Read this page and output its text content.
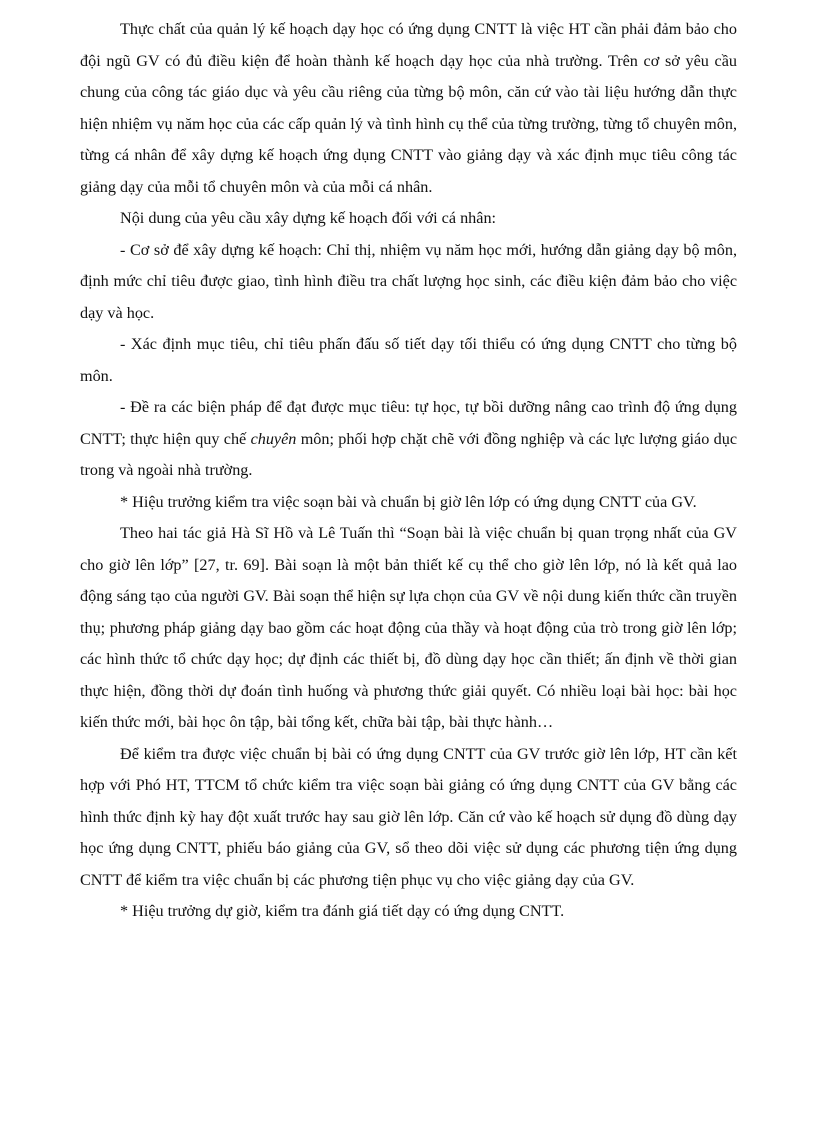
Thực chất của quản lý kế hoạch dạy học có ứng dụng CNTT là việc HT cần phải đảm bảo cho đội ngũ GV có đủ điều kiện để hoàn thành kế hoạch dạy học của nhà trường. Trên cơ sở yêu cầu chung của công tác giáo dục và yêu cầu riêng của từng bộ môn, căn cứ vào tài liệu hướng dẫn thực hiện nhiệm vụ năm học của các cấp quản lý và tình hình cụ thể của từng trường, từng tổ chuyên môn, từng cá nhân để xây dựng kế hoạch ứng dụng CNTT vào giảng dạy và xác định mục tiêu công tác giảng dạy của mỗi tổ chuyên môn và của mỗi cá nhân.

Nội dung của yêu cầu xây dựng kế hoạch đối với cá nhân:

- Cơ sở để xây dựng kế hoạch: Chỉ thị, nhiệm vụ năm học mới, hướng dẫn giảng dạy bộ môn, định mức chỉ tiêu được giao, tình hình điều tra chất lượng học sinh, các điều kiện đảm bảo cho việc dạy và học.

- Xác định mục tiêu, chỉ tiêu phấn đấu số tiết dạy tối thiểu có ứng dụng CNTT cho từng bộ môn.

- Đề ra các biện pháp để đạt được mục tiêu: tự học, tự bồi dưỡng nâng cao trình độ ứng dụng CNTT; thực hiện quy chế chuyên môn; phối hợp chặt chẽ với đồng nghiệp và các lực lượng giáo dục trong và ngoài nhà trường.

* Hiệu trưởng kiểm tra việc soạn bài và chuẩn bị giờ lên lớp có ứng dụng CNTT của GV.

Theo hai tác giả Hà Sĩ Hồ và Lê Tuấn thì “Soạn bài là việc chuẩn bị quan trọng nhất của GV cho giờ lên lớp” [27, tr. 69]. Bài soạn là một bản thiết kế cụ thể cho giờ lên lớp, nó là kết quả lao động sáng tạo của người GV. Bài soạn thể hiện sự lựa chọn của GV về nội dung kiến thức cần truyền thụ; phương pháp giảng dạy bao gồm các hoạt động của thầy và hoạt động của trò trong giờ lên lớp; các hình thức tổ chức dạy học; dự định các thiết bị, đồ dùng dạy học cần thiết; ấn định về thời gian thực hiện, đồng thời dự đoán tình huống và phương thức giải quyết. Có nhiều loại bài học: bài học kiến thức mới, bài học ôn tập, bài tổng kết, chữa bài tập, bài thực hành…

Để kiểm tra được việc chuẩn bị bài có ứng dụng CNTT của GV trước giờ lên lớp, HT cần kết hợp với Phó HT, TTCM tổ chức kiểm tra việc soạn bài giảng có ứng dụng CNTT của GV bằng các hình thức định kỳ hay đột xuất trước hay sau giờ lên lớp. Căn cứ vào kế hoạch sử dụng đồ dùng dạy học ứng dụng CNTT, phiếu báo giảng của GV, sổ theo dõi việc sử dụng các phương tiện ứng dụng CNTT để kiểm tra việc chuẩn bị các phương tiện phục vụ cho việc giảng dạy của GV.

* Hiệu trưởng dự giờ, kiểm tra đánh giá tiết dạy có ứng dụng CNTT.
